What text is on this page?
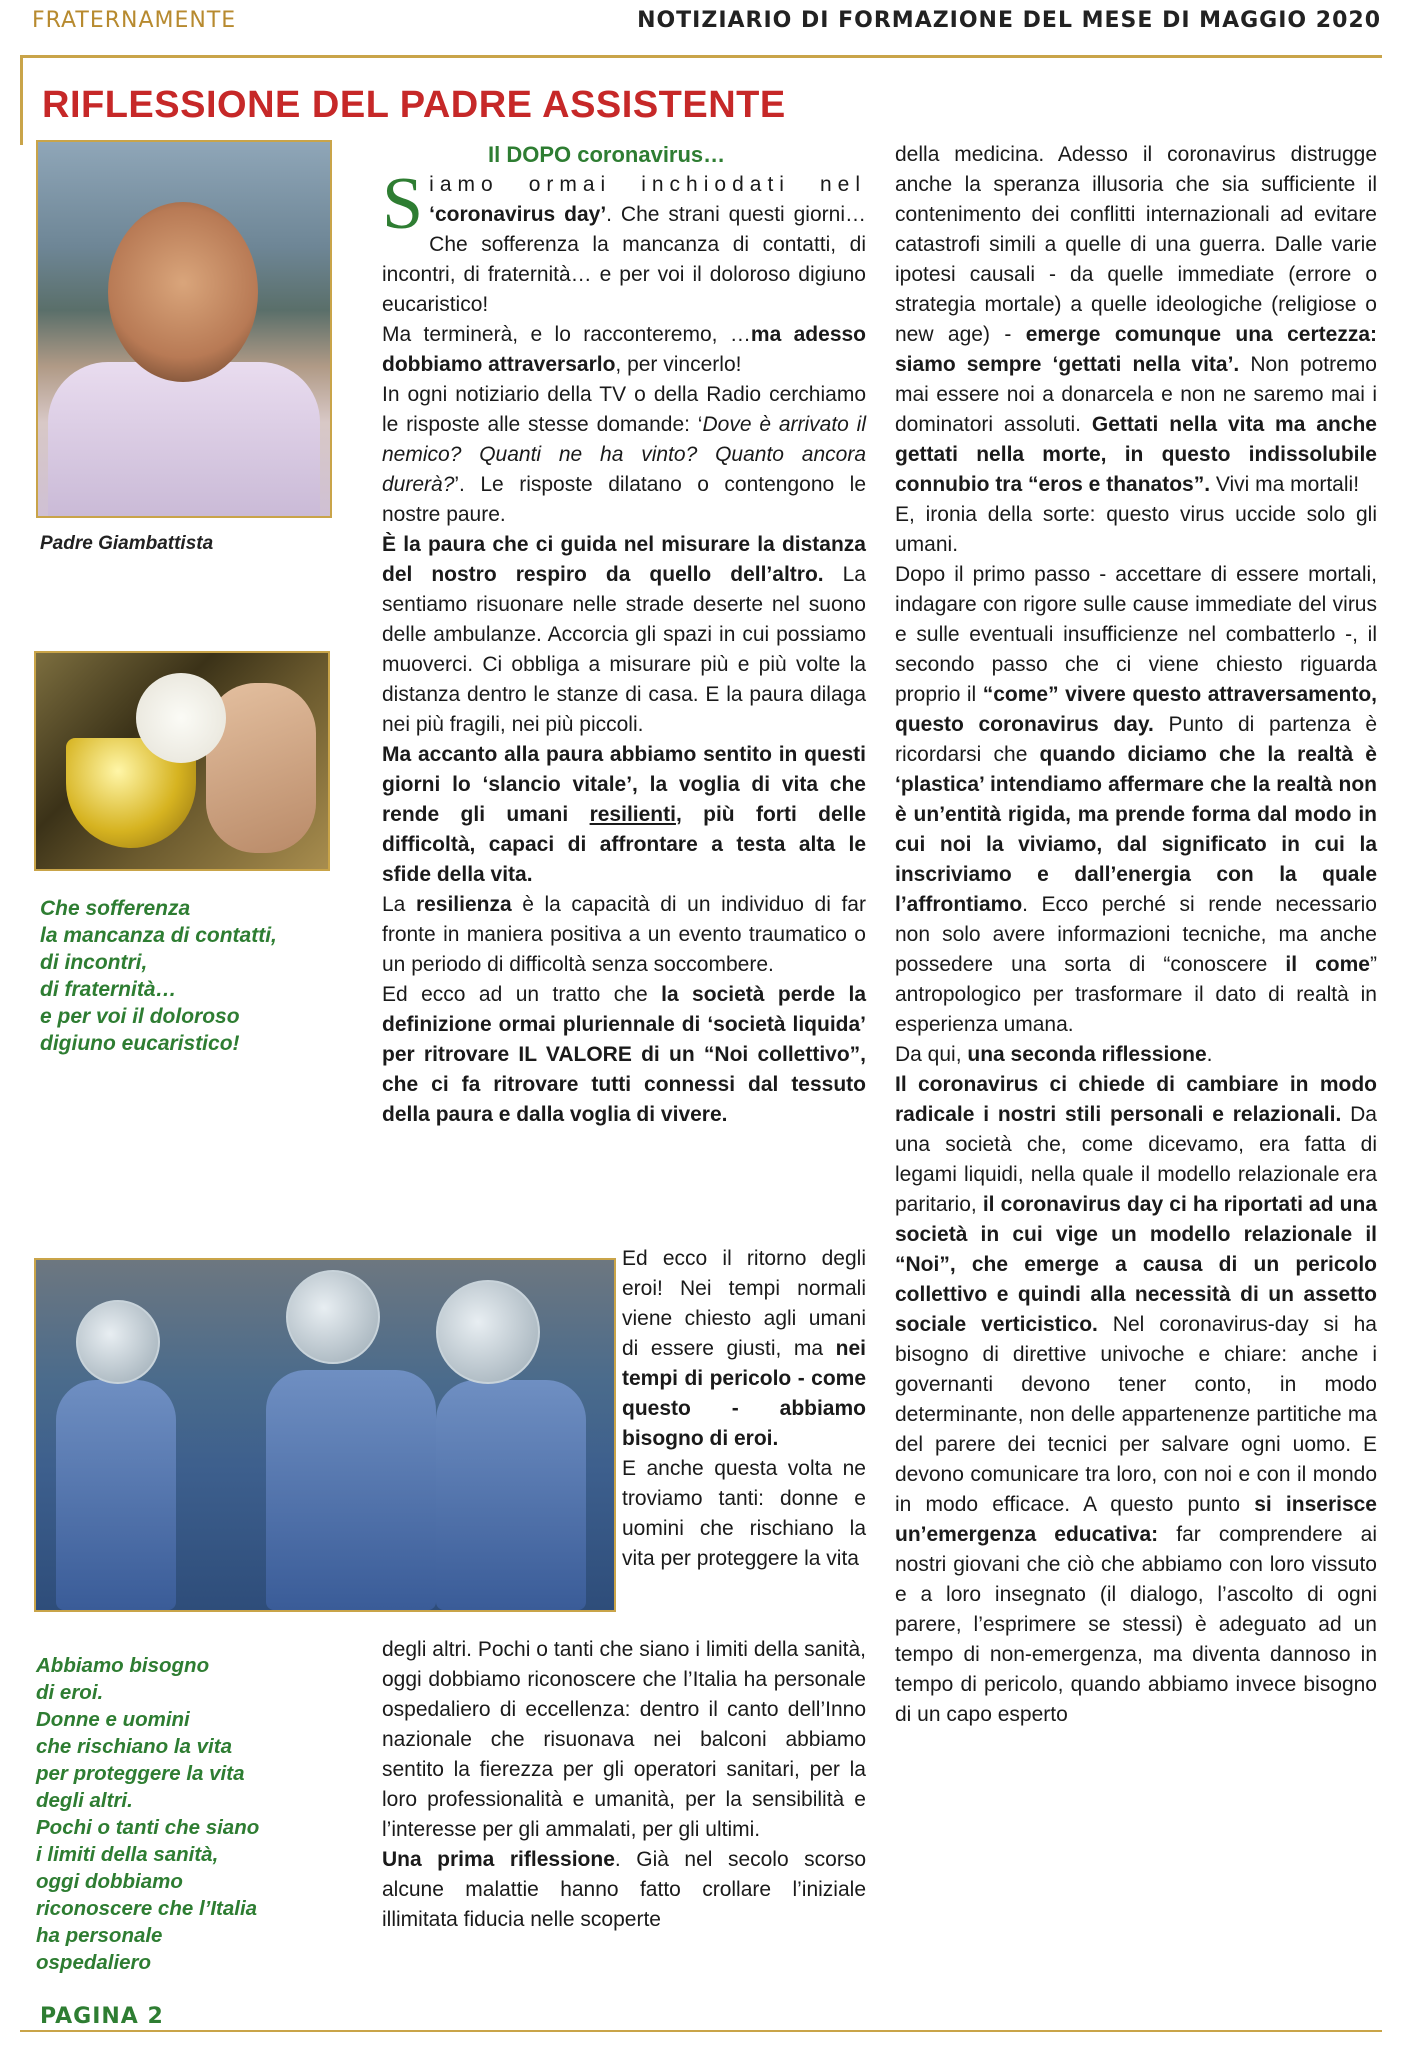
FRATERNAMENTE	NOTIZIARIO DI FORMAZIONE DEL MESE DI MAGGIO 2020
RIFLESSIONE DEL PADRE ASSISTENTE
Padre Giambattista

Che sofferenza

la mancanza di contatti,

di incontri,

di fraternità…

e per voi il doloroso

digiuno eucaristico!

Abbiamo bisogno

di eroi.

Donne e uomini

che rischiano la vita

per proteggere la vita

degli altri.

Pochi o tanti che siano

i limiti della sanità,

oggi dobbiamo

riconoscere che l’Italia

ha personale

ospedaliero

Il DOPO coronavirus…

Siamo ormai inchiodati nel ‘coronavirus day’. Che strani questi giorni… Che sofferenza la mancanza di contatti, di incontri, di fraternità… e per voi il doloroso digiuno eucaristico!

Ma terminerà, e lo racconteremo, …ma adesso dobbiamo attraversarlo, per vincerlo!

In ogni notiziario della TV o della Radio cerchiamo le risposte alle stesse domande: ‘Dove è arrivato il nemico? Quanti ne ha vinto? Quanto ancora durerà?’. Le risposte dilatano o contengono le nostre paure.

È la paura che ci guida nel misurare la distanza del nostro respiro da quello dell’altro. La sentiamo risuonare nelle strade deserte nel suono delle ambulanze. Accorcia gli spazi in cui possiamo muoverci. Ci obbliga a misurare più e più volte la distanza dentro le stanze di casa. E la paura dilaga nei più fragili, nei più piccoli.

Ma accanto alla paura abbiamo sentito in questi giorni lo ‘slancio vitale’, la voglia di vita che rende gli umani resilienti, più forti delle difficoltà, capaci di affrontare a testa alta le sfide della vita.

La resilienza è la capacità di un individuo di far fronte in maniera positiva a un evento traumatico o un periodo di difficoltà senza soccombere.

Ed ecco ad un tratto che la società perde la definizione ormai pluriennale di ‘società liquida’ per ritrovare IL VALORE di un “Noi collettivo”, che ci fa ritrovare tutti connessi dal tessuto della paura e dalla voglia di vivere.

Ed ecco il ritorno degli eroi! Nei tempi normali viene chiesto agli umani di essere giusti, ma nei tempi di pericolo - come questo - abbiamo bisogno di eroi.

E anche questa volta ne troviamo tanti: donne e uomini che rischiano la vita per proteggere la vita

degli altri. Pochi o tanti che siano i limiti della sanità, oggi dobbiamo riconoscere che l’Italia ha personale ospedaliero di eccellenza: dentro il canto dell’Inno nazionale che risuonava nei balconi abbiamo sentito la fierezza per gli operatori sanitari, per la loro professionalità e umanità, per la sensibilità e l’interesse per gli ammalati, per gli ultimi.

Una prima riflessione. Già nel secolo scorso alcune malattie hanno fatto crollare l’iniziale illimitata fiducia nelle scoperte

della medicina. Adesso il coronavirus distrugge anche la speranza illusoria che sia sufficiente il contenimento dei conflitti internazionali ad evitare catastrofi simili a quelle di una guerra. Dalle varie ipotesi causali - da quelle immediate (errore o strategia mortale) a quelle ideologiche (religiose o new age) - emerge comunque una certezza: siamo sempre ‘gettati nella vita’. Non potremo mai essere noi a donarcela e non ne saremo mai i dominatori assoluti. Gettati nella vita ma anche gettati nella morte, in questo indissolubile connubio tra “eros e thanatos”. Vivi ma mortali!

E, ironia della sorte: questo virus uccide solo gli umani.

Dopo il primo passo - accettare di essere mortali, indagare con rigore sulle cause immediate del virus e sulle eventuali insufficienze nel combatterlo -, il secondo passo che ci viene chiesto riguarda proprio il “come” vivere questo attraversamento, questo coronavirus day. Punto di partenza è ricordarsi che quando diciamo che la realtà è ‘plastica’ intendiamo affermare che la realtà non è un’entità rigida, ma prende forma dal modo in cui noi la viviamo, dal significato in cui la inscriviamo e dall’energia con la quale l’affrontiamo. Ecco perché si rende necessario non solo avere informazioni tecniche, ma anche possedere una sorta di “conoscere il come” antropologico per trasformare il dato di realtà in esperienza umana.

Da qui, una seconda riflessione.

Il coronavirus ci chiede di cambiare in modo radicale i nostri stili personali e relazionali. Da una società che, come dicevamo, era fatta di legami liquidi, nella quale il modello relazionale era paritario, il coronavirus day ci ha riportati ad una società in cui vige un modello relazionale il “Noi”, che emerge a causa di un pericolo collettivo e quindi alla necessità di un assetto sociale verticistico. Nel coronavirus-day si ha bisogno di direttive univoche e chiare: anche i governanti devono tener conto, in modo determinante, non delle appartenenze partitiche ma del parere dei tecnici per salvare ogni uomo. E devono comunicare tra loro, con noi e con il mondo in modo efficace. A questo punto si inserisce un’emergenza educativa: far comprendere ai nostri giovani che ciò che abbiamo con loro vissuto e a loro insegnato (il dialogo, l’ascolto di ogni parere, l’esprimere se stessi) è adeguato ad un tempo di non-emergenza, ma diventa dannoso in tempo di pericolo, quando abbiamo invece bisogno di un capo esperto

PAGINA 2
